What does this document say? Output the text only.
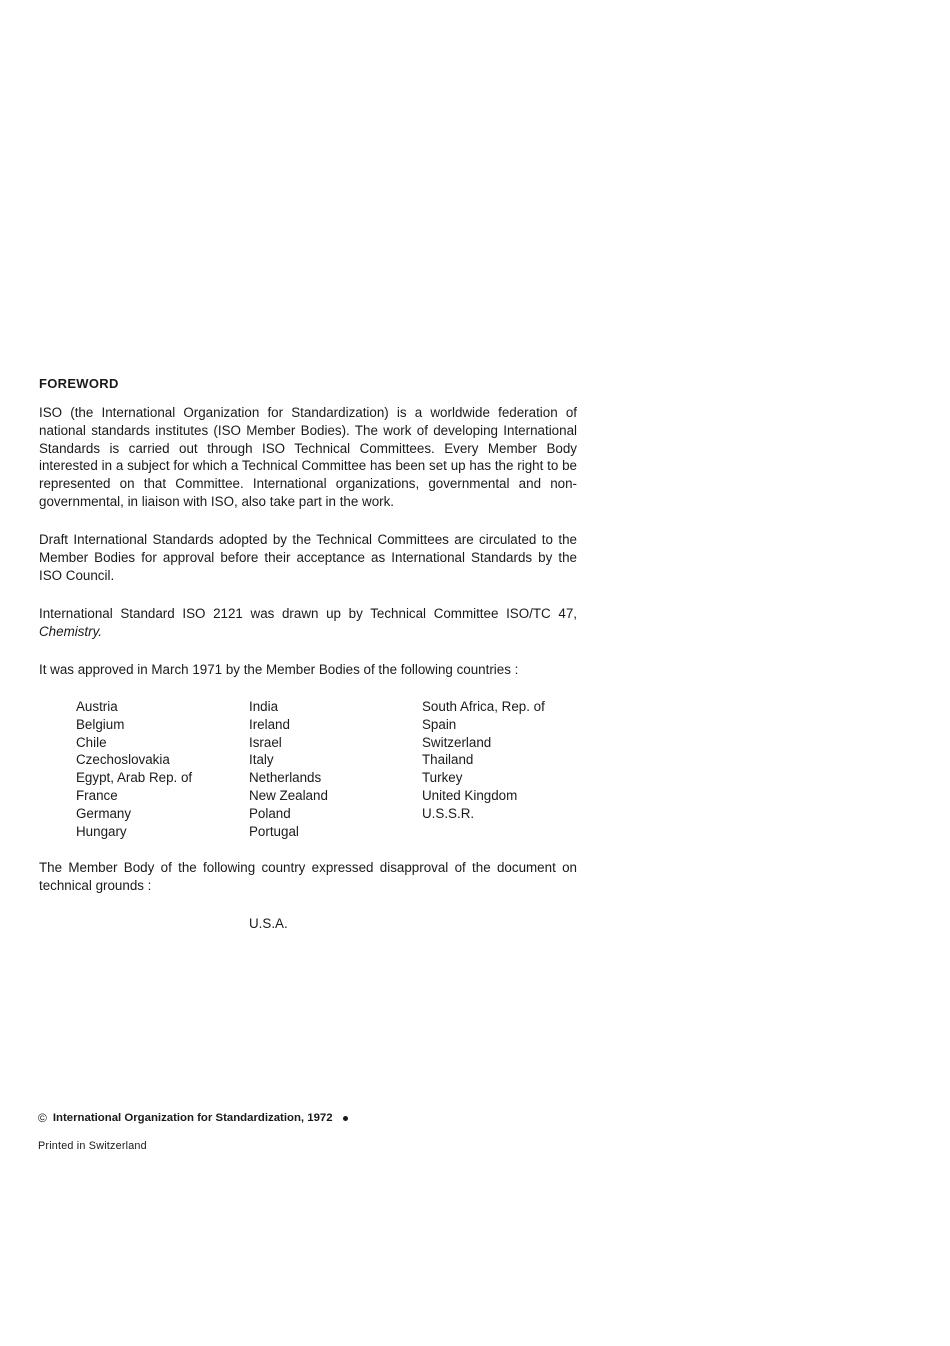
FOREWORD

ISO (the International Organization for Standardization) is a worldwide federation of national standards institutes (ISO Member Bodies). The work of developing International Standards is carried out through ISO Technical Committees. Every Member Body interested in a subject for which a Technical Committee has been set up has the right to be represented on that Committee. International organizations, governmental and non-governmental, in liaison with ISO, also take part in the work.

Draft International Standards adopted by the Technical Committees are circulated to the Member Bodies for approval before their acceptance as International Standards by the ISO Council.

International Standard ISO 2121 was drawn up by Technical Committee ISO/TC 47, Chemistry.

It was approved in March 1971 by the Member Bodies of the following countries :

Austria
Belgium
Chile
Czechoslovakia
Egypt, Arab Rep. of
France
Germany
Hungary
India
Ireland
Israel
Italy
Netherlands
New Zealand
Poland
Portugal
South Africa, Rep. of
Spain
Switzerland
Thailand
Turkey
United Kingdom
U.S.S.R.

The Member Body of the following country expressed disapproval of the document on technical grounds :

U.S.A.
© International Organization for Standardization, 1972
Printed in Switzerland
